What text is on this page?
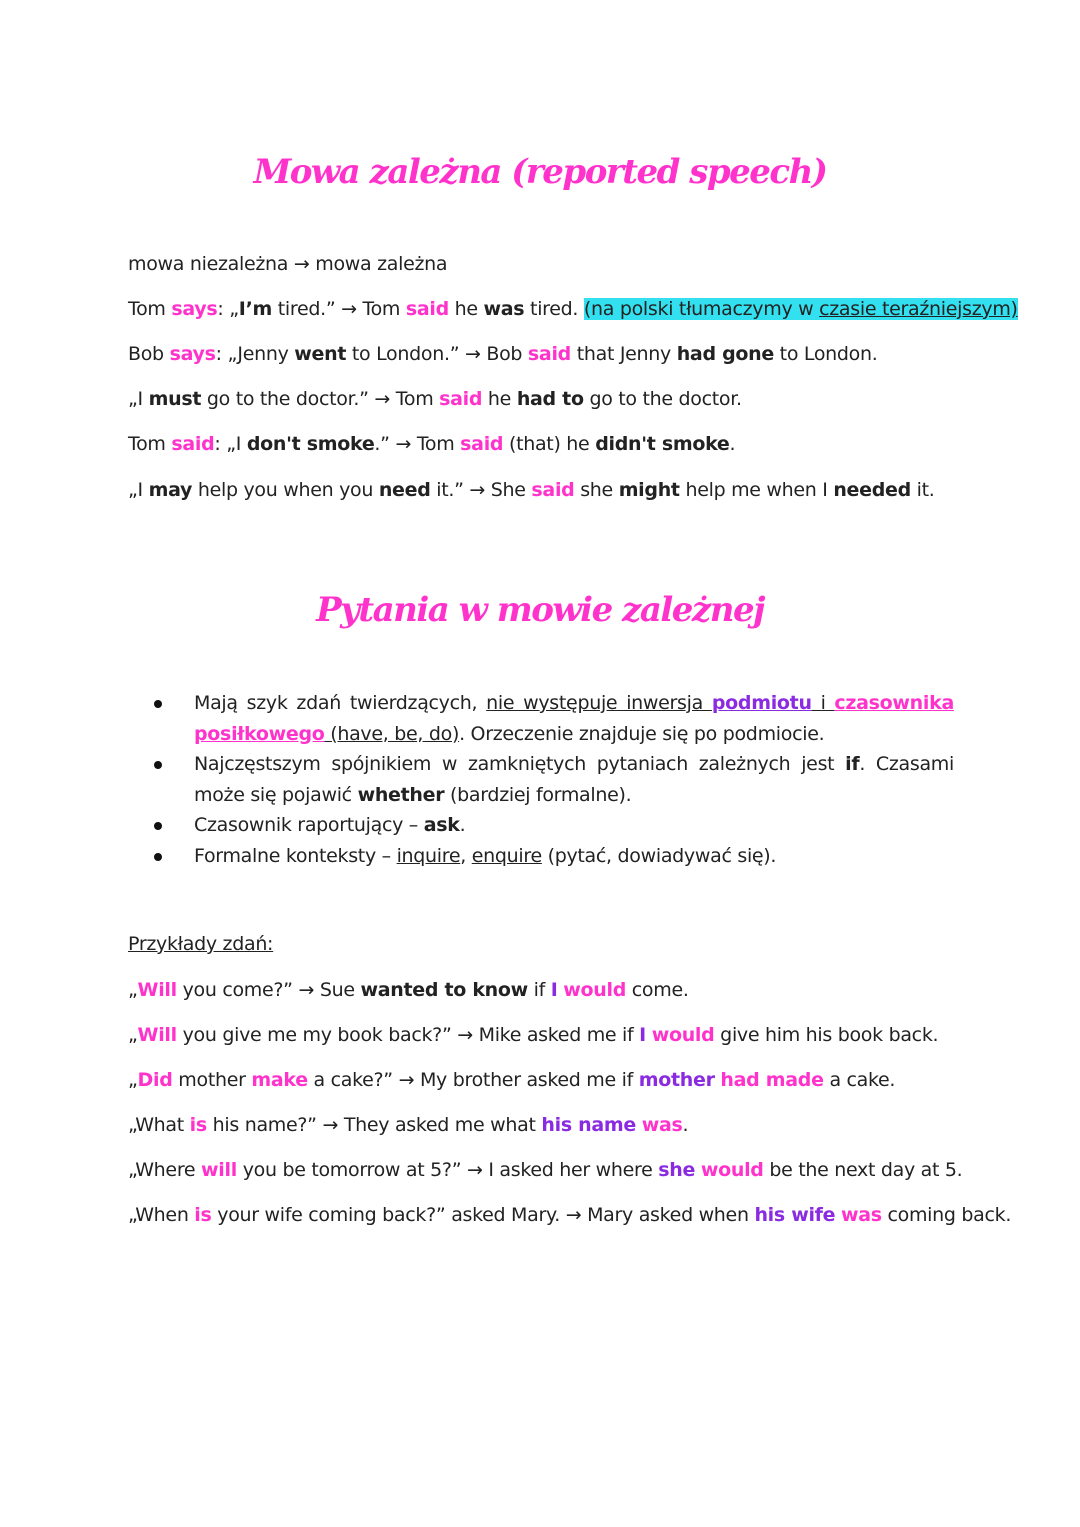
Mowa zależna (reported speech)
mowa niezależna → mowa zależna
Tom says: „I’m tired.” → Tom said he was tired. (na polski tłumaczymy w czasie teraźniejszym)
Bob says: „Jenny went to London.” → Bob said that Jenny had gone to London.
„I must go to the doctor.” → Tom said he had to go to the doctor.
Tom said: „I don't smoke.” → Tom said (that) he didn't smoke.
„I may help you when you need it.” → She said she might help me when I needed it.
Pytania w mowie zależnej
Mają szyk zdań twierdzących, nie występuje inwersja podmiotu i czasownika posiłkowego (have, be, do). Orzeczenie znajduje się po podmiocie.
Najczęstszym spójnikiem w zamkniętych pytaniach zależnych jest if. Czasami może się pojawić whether (bardziej formalne).
Czasownik raportujący – ask.
Formalne konteksty – inquire, enquire (pytać, dowiadywać się).
Przykłady zdań:
„Will you come?” → Sue wanted to know if I would come.
„Will you give me my book back?” → Mike asked me if I would give him his book back.
„Did mother make a cake?” → My brother asked me if mother had made a cake.
„What is his name?” → They asked me what his name was.
„Where will you be tomorrow at 5?” → I asked her where she would be the next day at 5.
„When is your wife coming back?” asked Mary. → Mary asked when his wife was coming back.
